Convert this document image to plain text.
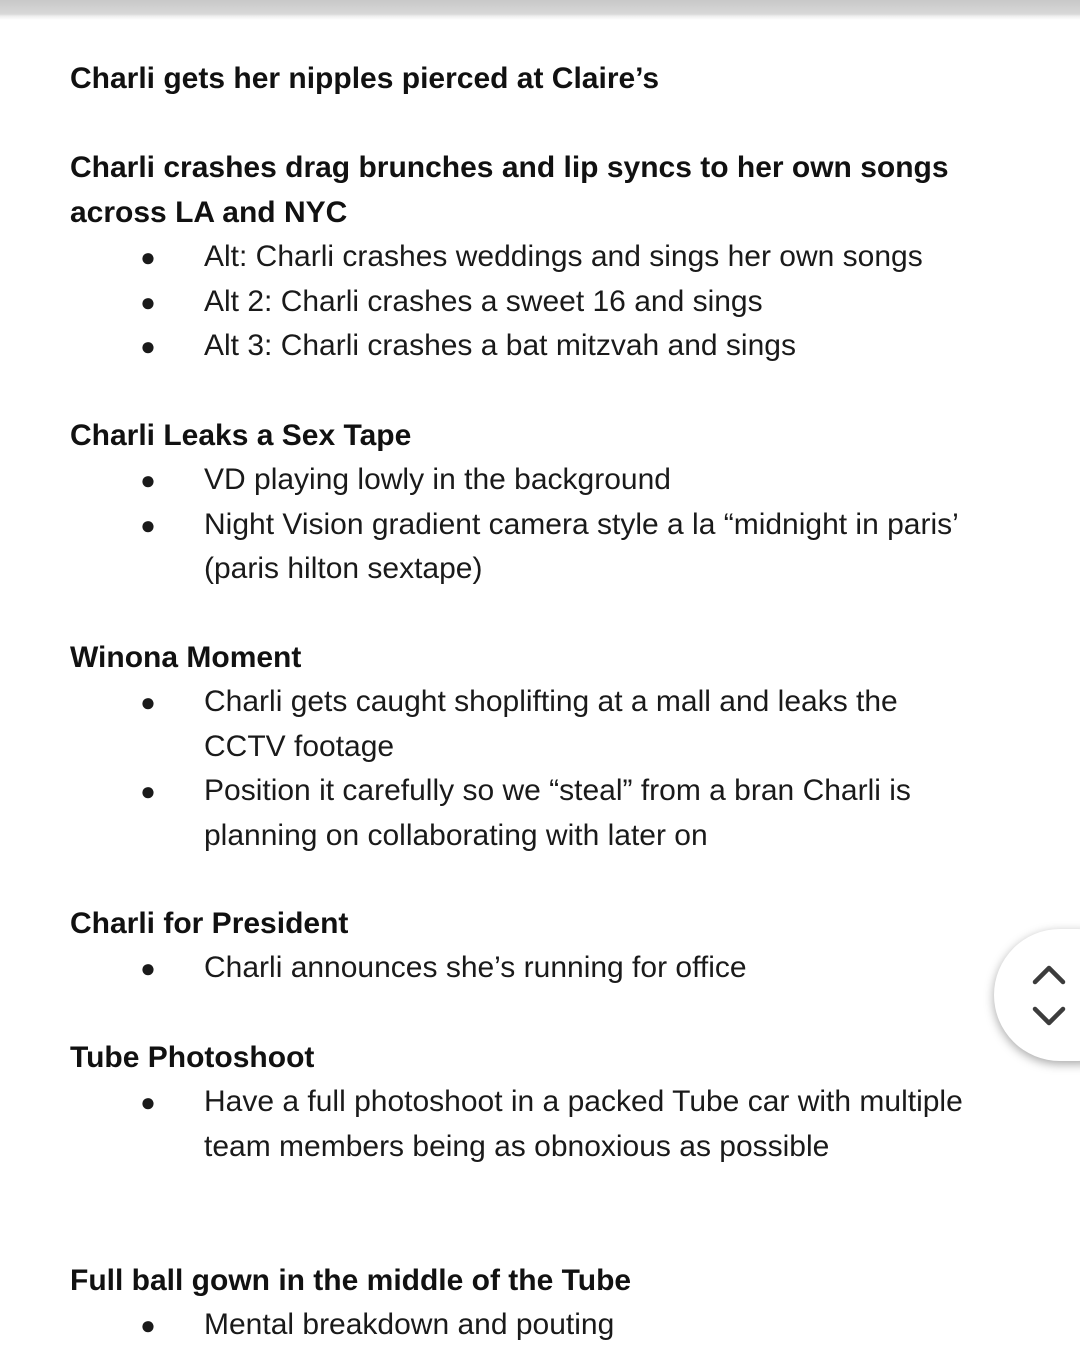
Charli gets her nipples pierced at Claire’s
Charli crashes drag brunches and lip syncs to her own songs across LA and NYC
● Alt: Charli crashes weddings and sings her own songs
● Alt 2: Charli crashes a sweet 16 and sings
● Alt 3: Charli crashes a bat mitzvah and sings
Charli Leaks a Sex Tape
● VD playing lowly in the background
● Night Vision gradient camera style a la “midnight in paris’ (paris hilton sextape)
Winona Moment
● Charli gets caught shoplifting at a mall and leaks the CCTV footage
● Position it carefully so we “steal” from a bran Charli is planning on collaborating with later on
Charli for President
● Charli announces she’s running for office
Tube Photoshoot
● Have a full photoshoot in a packed Tube car with multiple team members being as obnoxious as possible
Full ball gown in the middle of the Tube
● Mental breakdown and pouting
